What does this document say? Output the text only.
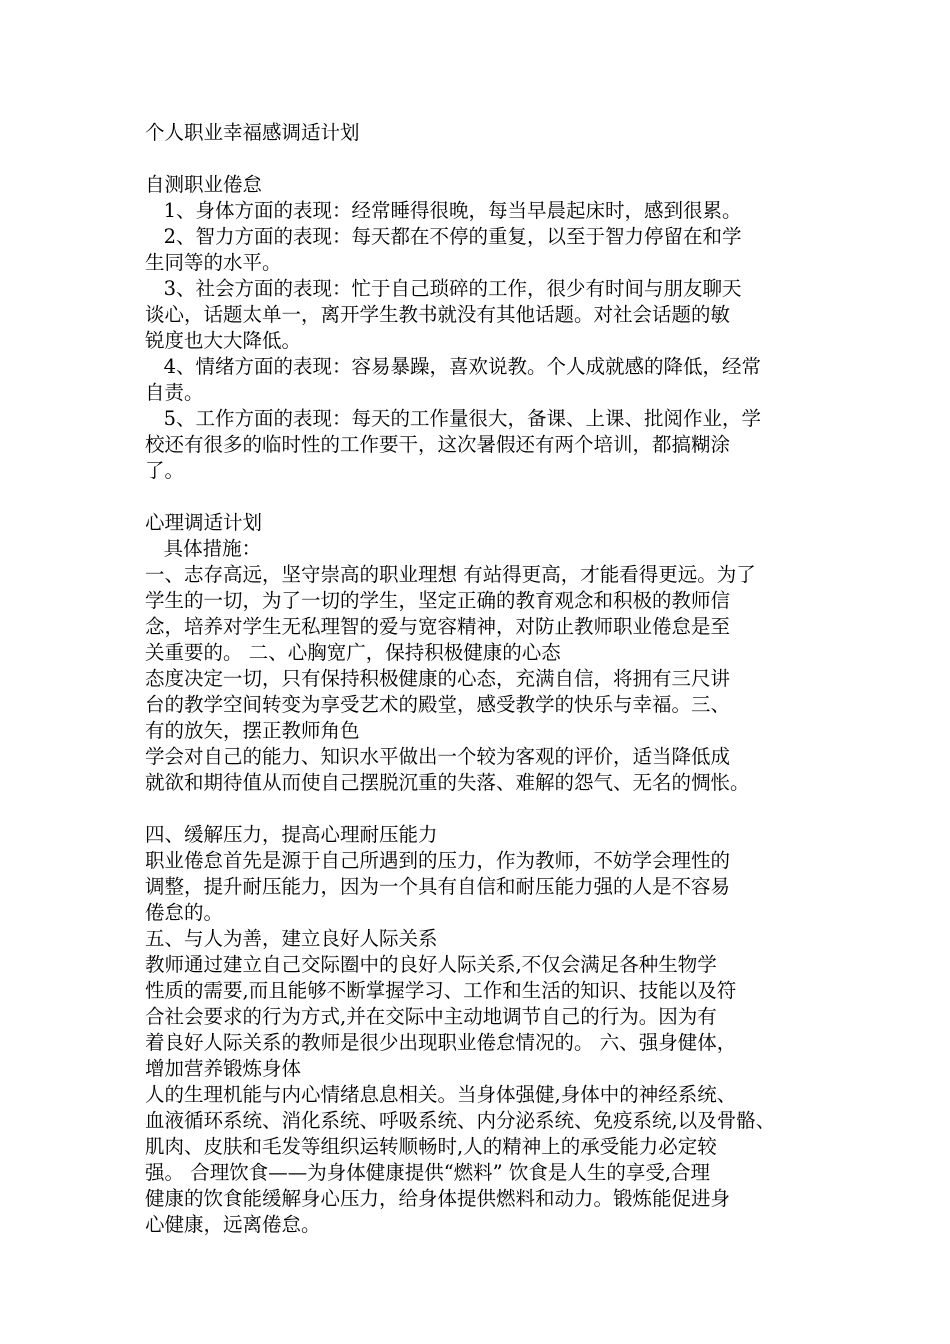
个人职业幸福感调适计划
自测职业倦怠
1、身体方面的表现：经常睡得很晚，每当早晨起床时，感到很累。
2、智力方面的表现：每天都在不停的重复，以至于智力停留在和学
生同等的水平。
3、社会方面的表现：忙于自己琐碎的工作，很少有时间与朋友聊天
谈心，话题太单一，离开学生教书就没有其他话题。对社会话题的敏
锐度也大大降低。
4、情绪方面的表现：容易暴躁，喜欢说教。个人成就感的降低，经常
自责。
5、工作方面的表现：每天的工作量很大，备课、上课、批阅作业，学
校还有很多的临时性的工作要干，这次暑假还有两个培训，都搞糊涂
了。
心理调适计划
具体措施：
一、志存高远，坚守崇高的职业理想 有站得更高，才能看得更远。为了
学生的一切，为了一切的学生，坚定正确的教育观念和积极的教师信
念，培养对学生无私理智的爱与宽容精神，对防止教师职业倦怠是至
关重要的。 二、心胸宽广，保持积极健康的心态
态度决定一切，只有保持积极健康的心态，充满自信，将拥有三尺讲
台的教学空间转变为享受艺术的殿堂，感受教学的快乐与幸福。三、
有的放矢，摆正教师角色
学会对自己的能力、知识水平做出一个较为客观的评价，适当降低成
就欲和期待值从而使自己摆脱沉重的失落、难解的怨气、无名的惆怅。
四、缓解压力，提高心理耐压能力
职业倦怠首先是源于自己所遇到的压力，作为教师，不妨学会理性的
调整，提升耐压能力，因为一个具有自信和耐压能力强的人是不容易
倦怠的。
五、与人为善，建立良好人际关系
教师通过建立自己交际圈中的良好人际关系,不仅会满足各种生物学
性质的需要,而且能够不断掌握学习、工作和生活的知识、技能以及符
合社会要求的行为方式,并在交际中主动地调节自己的行为。因为有
着良好人际关系的教师是很少出现职业倦怠情况的。 六、强身健体，
增加营养锻炼身体
人的生理机能与内心情绪息息相关。当身体强健,身体中的神经系统、
血液循环系统、消化系统、呼吸系统、内分泌系统、免疫系统,以及骨骼、
肌肉、皮肤和毛发等组织运转顺畅时,人的精神上的承受能力必定较
强。 合理饮食——为身体健康提供“燃料” 饮食是人生的享受,合理
健康的饮食能缓解身心压力，给身体提供燃料和动力。锻炼能促进身
心健康，远离倦怠。
